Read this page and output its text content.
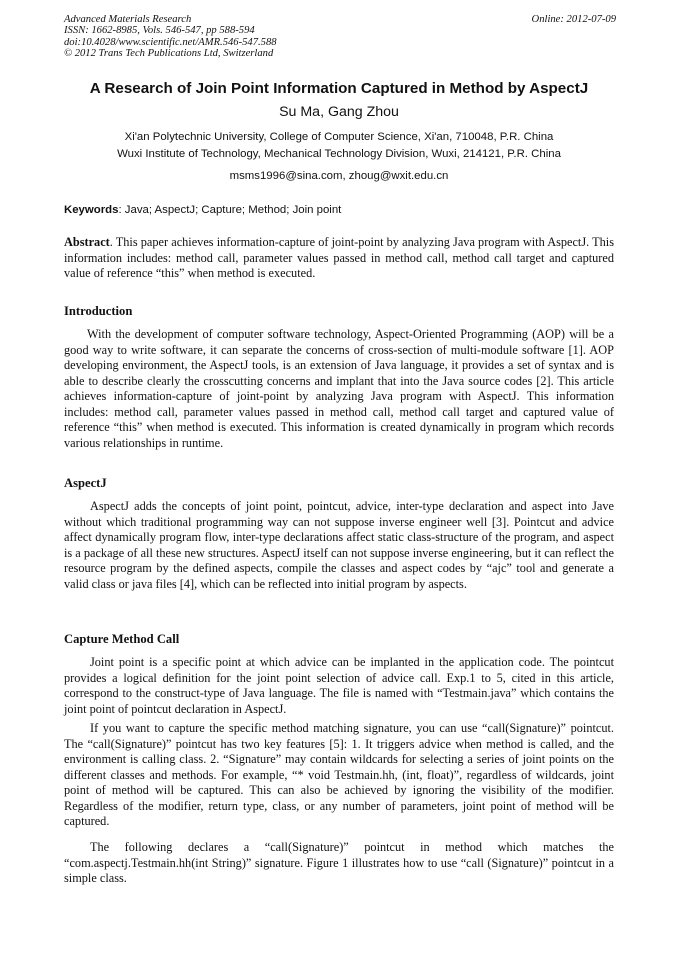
Advanced Materials Research
ISSN: 1662-8985, Vols. 546-547, pp 588-594
doi:10.4028/www.scientific.net/AMR.546-547.588
© 2012 Trans Tech Publications Ltd, Switzerland
Online: 2012-07-09
A Research of Join Point Information Captured in Method by AspectJ
Su Ma, Gang Zhou
Xi'an Polytechnic University, College of Computer Science, Xi'an, 710048, P.R. China
Wuxi Institute of Technology, Mechanical Technology Division, Wuxi, 214121, P.R. China
msms1996@sina.com, zhoug@wxit.edu.cn
Keywords: Java; AspectJ; Capture; Method; Join point
Abstract. This paper achieves information-capture of joint-point by analyzing Java program with AspectJ. This information includes: method call, parameter values passed in method call, method call target and captured value of reference “this” when method is executed.
Introduction
With the development of computer software technology, Aspect-Oriented Programming (AOP) will be a good way to write software, it can separate the concerns of cross-section of multi-module software [1]. AOP developing environment, the AspectJ tools, is an extension of Java language, it provides a set of syntax and is able to describe clearly the crosscutting concerns and implant that into the Java source codes [2]. This article achieves information-capture of joint-point by analyzing Java program with AspectJ. This information includes: method call, parameter values passed in method call, method call target and captured value of reference “this” when method is executed. This information is created dynamically in program which records various relationships in runtime.
AspectJ
AspectJ adds the concepts of joint point, pointcut, advice, inter-type declaration and aspect into Jave without which traditional programming way can not suppose inverse engineer well [3]. Pointcut and advice affect dynamically program flow, inter-type declarations affect static class-structure of the program, and aspect is a package of all these new structures. AspectJ itself can not suppose inverse engineering, but it can reflect the resource program by the defined aspects, compile the classes and aspect codes by “ajc” tool and generate a valid class or java files [4], which can be reflected into initial program by aspects.
Capture Method Call
Joint point is a specific point at which advice can be implanted in the application code. The pointcut provides a logical definition for the joint point selection of advice call. Exp.1 to 5, cited in this article, correspond to the construct-type of Java language. The file is named with “Testmain.java” which contains the joint point of pointcut declaration in AspectJ.
If you want to capture the specific method matching signature, you can use “call(Signature)” pointcut. The “call(Signature)” pointcut has two key features [5]: 1. It triggers advice when method is called, and the environment is calling class. 2. “Signature” may contain wildcards for selecting a series of joint points on the different classes and methods. For example, “* void Testmain.hh, (int, float)”, regardless of wildcards, joint point of method will be captured. This can also be achieved by ignoring the visibility of the modifier. Regardless of the modifier, return type, class, or any number of parameters, joint point of method will be captured.
The following declares a “call(Signature)” pointcut in method which matches the “com.aspectj.Testmain.hh(int String)” signature. Figure 1 illustrates how to use “call (Signature)” pointcut in a simple class.
